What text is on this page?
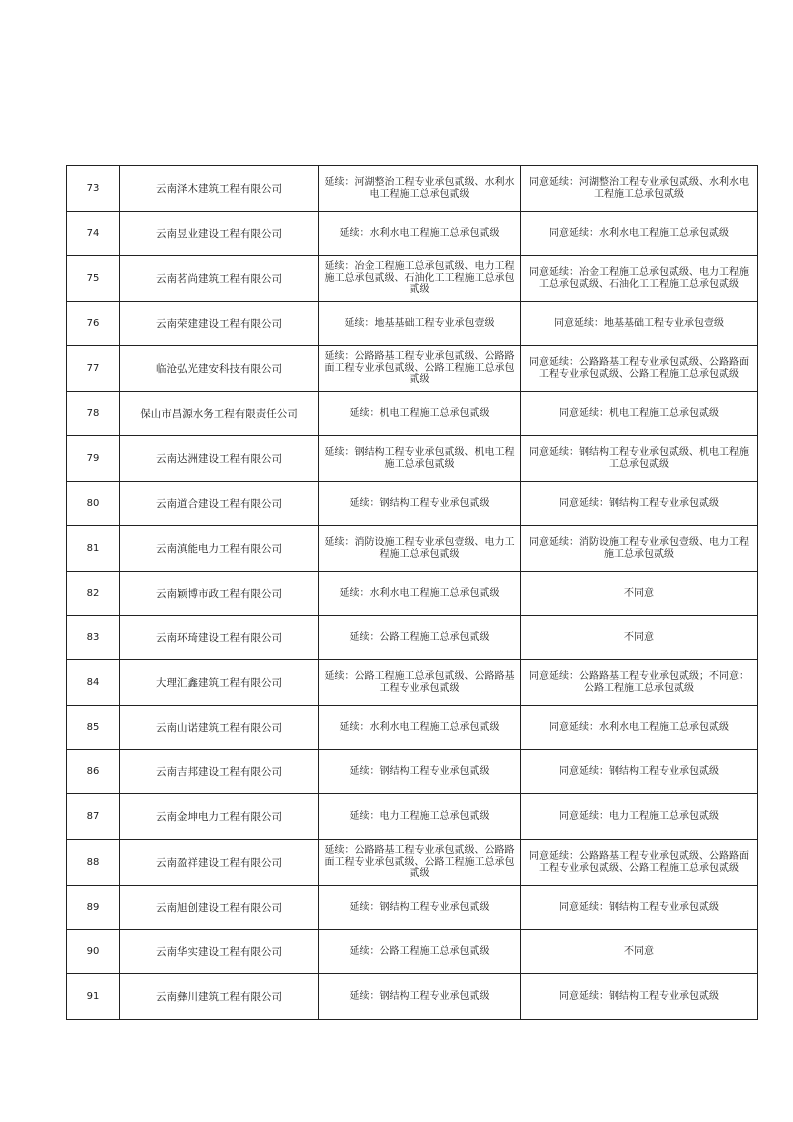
73	云南泽木建筑工程有限公司	延续：河湖整治工程专业承包贰级、水利水电工程施工总承包贰级	同意延续：河湖整治工程专业承包贰级、水利水电工程施工总承包贰级
74	云南昱业建设工程有限公司	延续：水利水电工程施工总承包贰级	同意延续：水利水电工程施工总承包贰级
75	云南茗尚建筑工程有限公司	延续：冶金工程施工总承包贰级、电力工程施工总承包贰级、石油化工工程施工总承包贰级	同意延续：冶金工程施工总承包贰级、电力工程施工总承包贰级、石油化工工程施工总承包贰级
76	云南荣建建设工程有限公司	延续：地基基础工程专业承包壹级	同意延续：地基基础工程专业承包壹级
77	临沧弘光建安科技有限公司	延续：公路路基工程专业承包贰级、公路路面工程专业承包贰级、公路工程施工总承包贰级	同意延续：公路路基工程专业承包贰级、公路路面工程专业承包贰级、公路工程施工总承包贰级
78	保山市昌源水务工程有限责任公司	延续：机电工程施工总承包贰级	同意延续：机电工程施工总承包贰级
79	云南达洲建设工程有限公司	延续：钢结构工程专业承包贰级、机电工程施工总承包贰级	同意延续：钢结构工程专业承包贰级、机电工程施工总承包贰级
80	云南道合建设工程有限公司	延续：钢结构工程专业承包贰级	同意延续：钢结构工程专业承包贰级
81	云南滇能电力工程有限公司	延续：消防设施工程专业承包壹级、电力工程施工总承包贰级	同意延续：消防设施工程专业承包壹级、电力工程施工总承包贰级
82	云南颖博市政工程有限公司	延续：水利水电工程施工总承包贰级	不同意
83	云南环琦建设工程有限公司	延续：公路工程施工总承包贰级	不同意
84	大理汇鑫建筑工程有限公司	延续：公路工程施工总承包贰级、公路路基工程专业承包贰级	同意延续：公路路基工程专业承包贰级；不同意：公路工程施工总承包贰级
85	云南山诺建筑工程有限公司	延续：水利水电工程施工总承包贰级	同意延续：水利水电工程施工总承包贰级
86	云南吉邦建设工程有限公司	延续：钢结构工程专业承包贰级	同意延续：钢结构工程专业承包贰级
87	云南金坤电力工程有限公司	延续：电力工程施工总承包贰级	同意延续：电力工程施工总承包贰级
88	云南盈祥建设工程有限公司	延续：公路路基工程专业承包贰级、公路路面工程专业承包贰级、公路工程施工总承包贰级	同意延续：公路路基工程专业承包贰级、公路路面工程专业承包贰级、公路工程施工总承包贰级
89	云南旭创建设工程有限公司	延续：钢结构工程专业承包贰级	同意延续：钢结构工程专业承包贰级
90	云南华实建设工程有限公司	延续：公路工程施工总承包贰级	不同意
91	云南彝川建筑工程有限公司	延续：钢结构工程专业承包贰级	同意延续：钢结构工程专业承包贰级
